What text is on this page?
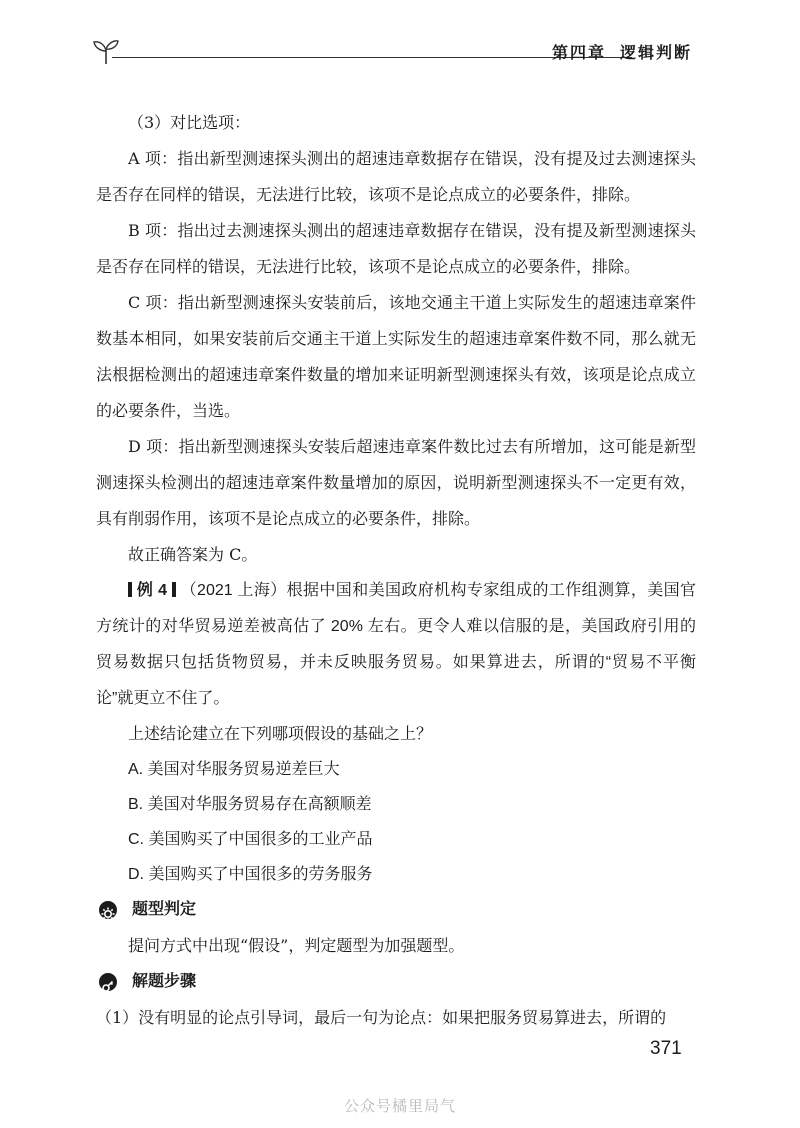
第四章 逻辑判断

（3）对比选项：

A 项：指出新型测速探头测出的超速违章数据存在错误，没有提及过去测速探头是否存在同样的错误，无法进行比较，该项不是论点成立的必要条件，排除。

B 项：指出过去测速探头测出的超速违章数据存在错误，没有提及新型测速探头是否存在同样的错误，无法进行比较，该项不是论点成立的必要条件，排除。

C 项：指出新型测速探头安装前后，该地交通主干道上实际发生的超速违章案件数基本相同，如果安装前后交通主干道上实际发生的超速违章案件数不同，那么就无法根据检测出的超速违章案件数量的增加来证明新型测速探头有效，该项是论点成立的必要条件，当选。

D 项：指出新型测速探头安装后超速违章案件数比过去有所增加，这可能是新型测速探头检测出的超速违章案件数量增加的原因，说明新型测速探头不一定更有效，具有削弱作用，该项不是论点成立的必要条件，排除。

故正确答案为 C。

例 4 （2021 上海）根据中国和美国政府机构专家组成的工作组测算，美国官方统计的对华贸易逆差被高估了 20% 左右。更令人难以信服的是，美国政府引用的贸易数据只包括货物贸易，并未反映服务贸易。如果算进去，所谓的“贸易不平衡论”就更立不住了。

上述结论建立在下列哪项假设的基础之上？

A. 美国对华服务贸易逆差巨大

B. 美国对华服务贸易存在高额顺差

C. 美国购买了中国很多的工业产品

D. 美国购买了中国很多的劳务服务

题型判定

提问方式中出现“假设”，判定题型为加强题型。

解题步骤

（1）没有明显的论点引导词，最后一句为论点：如果把服务贸易算进去，所谓的

371
公众号橘里局气
